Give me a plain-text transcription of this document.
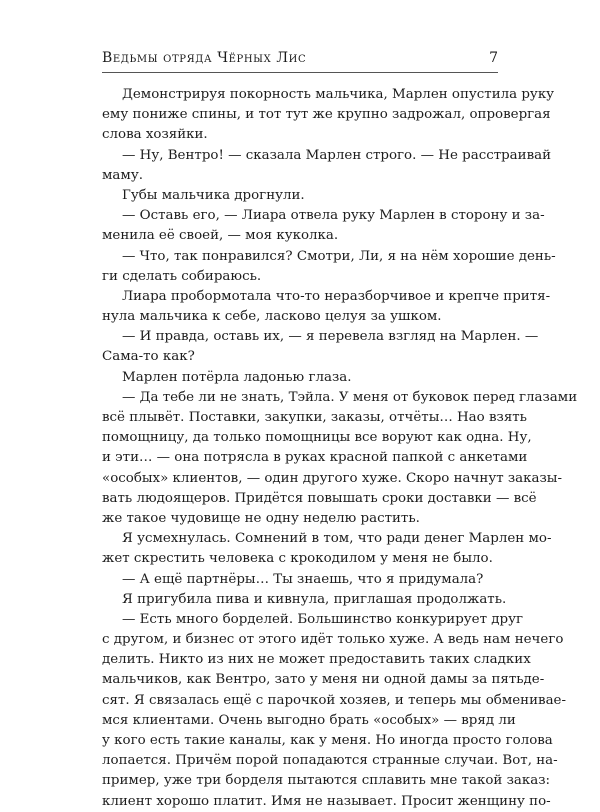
Ведьмы отряда Чёрных Лис	7
Демонстрируя покорность мальчика, Марлен опустила руку
ему пониже спины, и тот тут же крупно задрожал, опровергая
слова хозяйки.
— Ну, Вентро! — сказала Марлен строго. — Не расстраивай
маму.
Губы мальчика дрогнули.
— Оставь его, — Лиара отвела руку Марлен в сторону и за-
менила её своей, — моя куколка.
— Что, так понравился? Смотри, Ли, я на нём хорошие день-
ги сделать собираюсь.
Лиара пробормотала что-то неразборчивое и крепче притя-
нула мальчика к себе, ласково целуя за ушком.
— И правда, оставь их, — я перевела взгляд на Марлен. —
Сама-то как?
Марлен потёрла ладонью глаза.
— Да тебе ли не знать, Тэйла. У меня от буковок перед глазами
всё плывёт. Поставки, закупки, заказы, отчёты… Нао взять
помощницу, да только помощницы все воруют как одна. Ну,
и эти… — она потрясла в руках красной папкой с анкетами
«особых» клиентов, — один другого хуже. Скоро начнут заказы-
вать людоящеров. Придётся повышать сроки доставки — всё
же такое чудовище не одну неделю растить.
Я усмехнулась. Сомнений в том, что ради денег Марлен мо-
жет скрестить человека с крокодилом у меня не было.
— А ещё партнёры… Ты знаешь, что я придумала?
Я пригубила пива и кивнула, приглашая продолжать.
— Есть много борделей. Большинство конкурирует друг
с другом, и бизнес от этого идёт только хуже. А ведь нам нечего
делить. Никто из них не может предоставить таких сладких
мальчиков, как Вентро, зато у меня ни одной дамы за пятьде-
сят. Я связалась ещё с парочкой хозяев, и теперь мы обменивае-
мся клиентами. Очень выгодно брать «особых» — вряд ли
у кого есть такие каналы, как у меня. Но иногда просто голова
лопается. Причём порой попадаются странные случаи. Вот, на-
пример, уже три борделя пытаются сплавить мне такой заказ:
клиент хорошо платит. Имя не называет. Просит женщину по-
